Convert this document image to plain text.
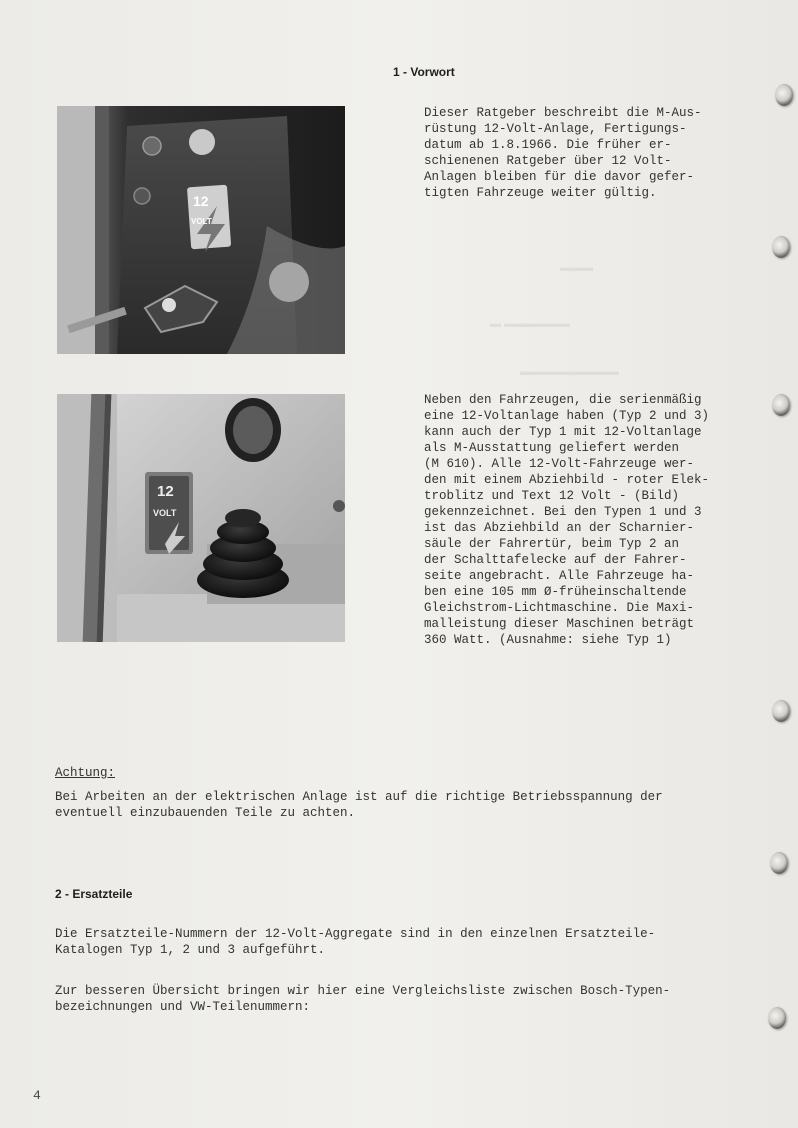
▬▬▬
▬ ▬▬▬▬▬▬
▬▬▬▬▬▬▬▬▬
1 - Vorwort
12
VOLT
Dieser Ratgeber beschreibt die M-Aus-
rüstung 12-Volt-Anlage, Fertigungs-
datum ab 1.8.1966. Die früher er-
schienenen Ratgeber über 12 Volt-
Anlagen bleiben für die davor gefer-
tigten Fahrzeuge weiter gültig.
12
VOLT
Neben den Fahrzeugen, die serienmäßig
eine 12-Voltanlage haben (Typ 2 und 3)
kann auch der Typ 1 mit 12-Voltanlage
als M-Ausstattung geliefert werden
(M 610). Alle 12-Volt-Fahrzeuge wer-
den mit einem Abziehbild - roter Elek-
troblitz und Text 12 Volt - (Bild)
gekennzeichnet. Bei den Typen 1 und 3
ist das Abziehbild an der Scharnier-
säule der Fahrertür, beim Typ 2 an
der Schalttafelecke auf der Fahrer-
seite angebracht. Alle Fahrzeuge ha-
ben eine 105 mm Ø-früheinschaltende
Gleichstrom-Lichtmaschine. Die Maxi-
malleistung dieser Maschinen beträgt
360 Watt. (Ausnahme: siehe Typ 1)
Achtung:
Bei Arbeiten an der elektrischen Anlage ist auf die richtige Betriebsspannung der
eventuell einzubauenden Teile zu achten.
2 - Ersatzteile
Die Ersatzteile-Nummern der 12-Volt-Aggregate sind in den einzelnen Ersatzteile-
Katalogen Typ 1, 2 und 3 aufgeführt.
Zur besseren Übersicht bringen wir hier eine Vergleichsliste zwischen Bosch-Typen-
bezeichnungen und VW-Teilenummern:
4
